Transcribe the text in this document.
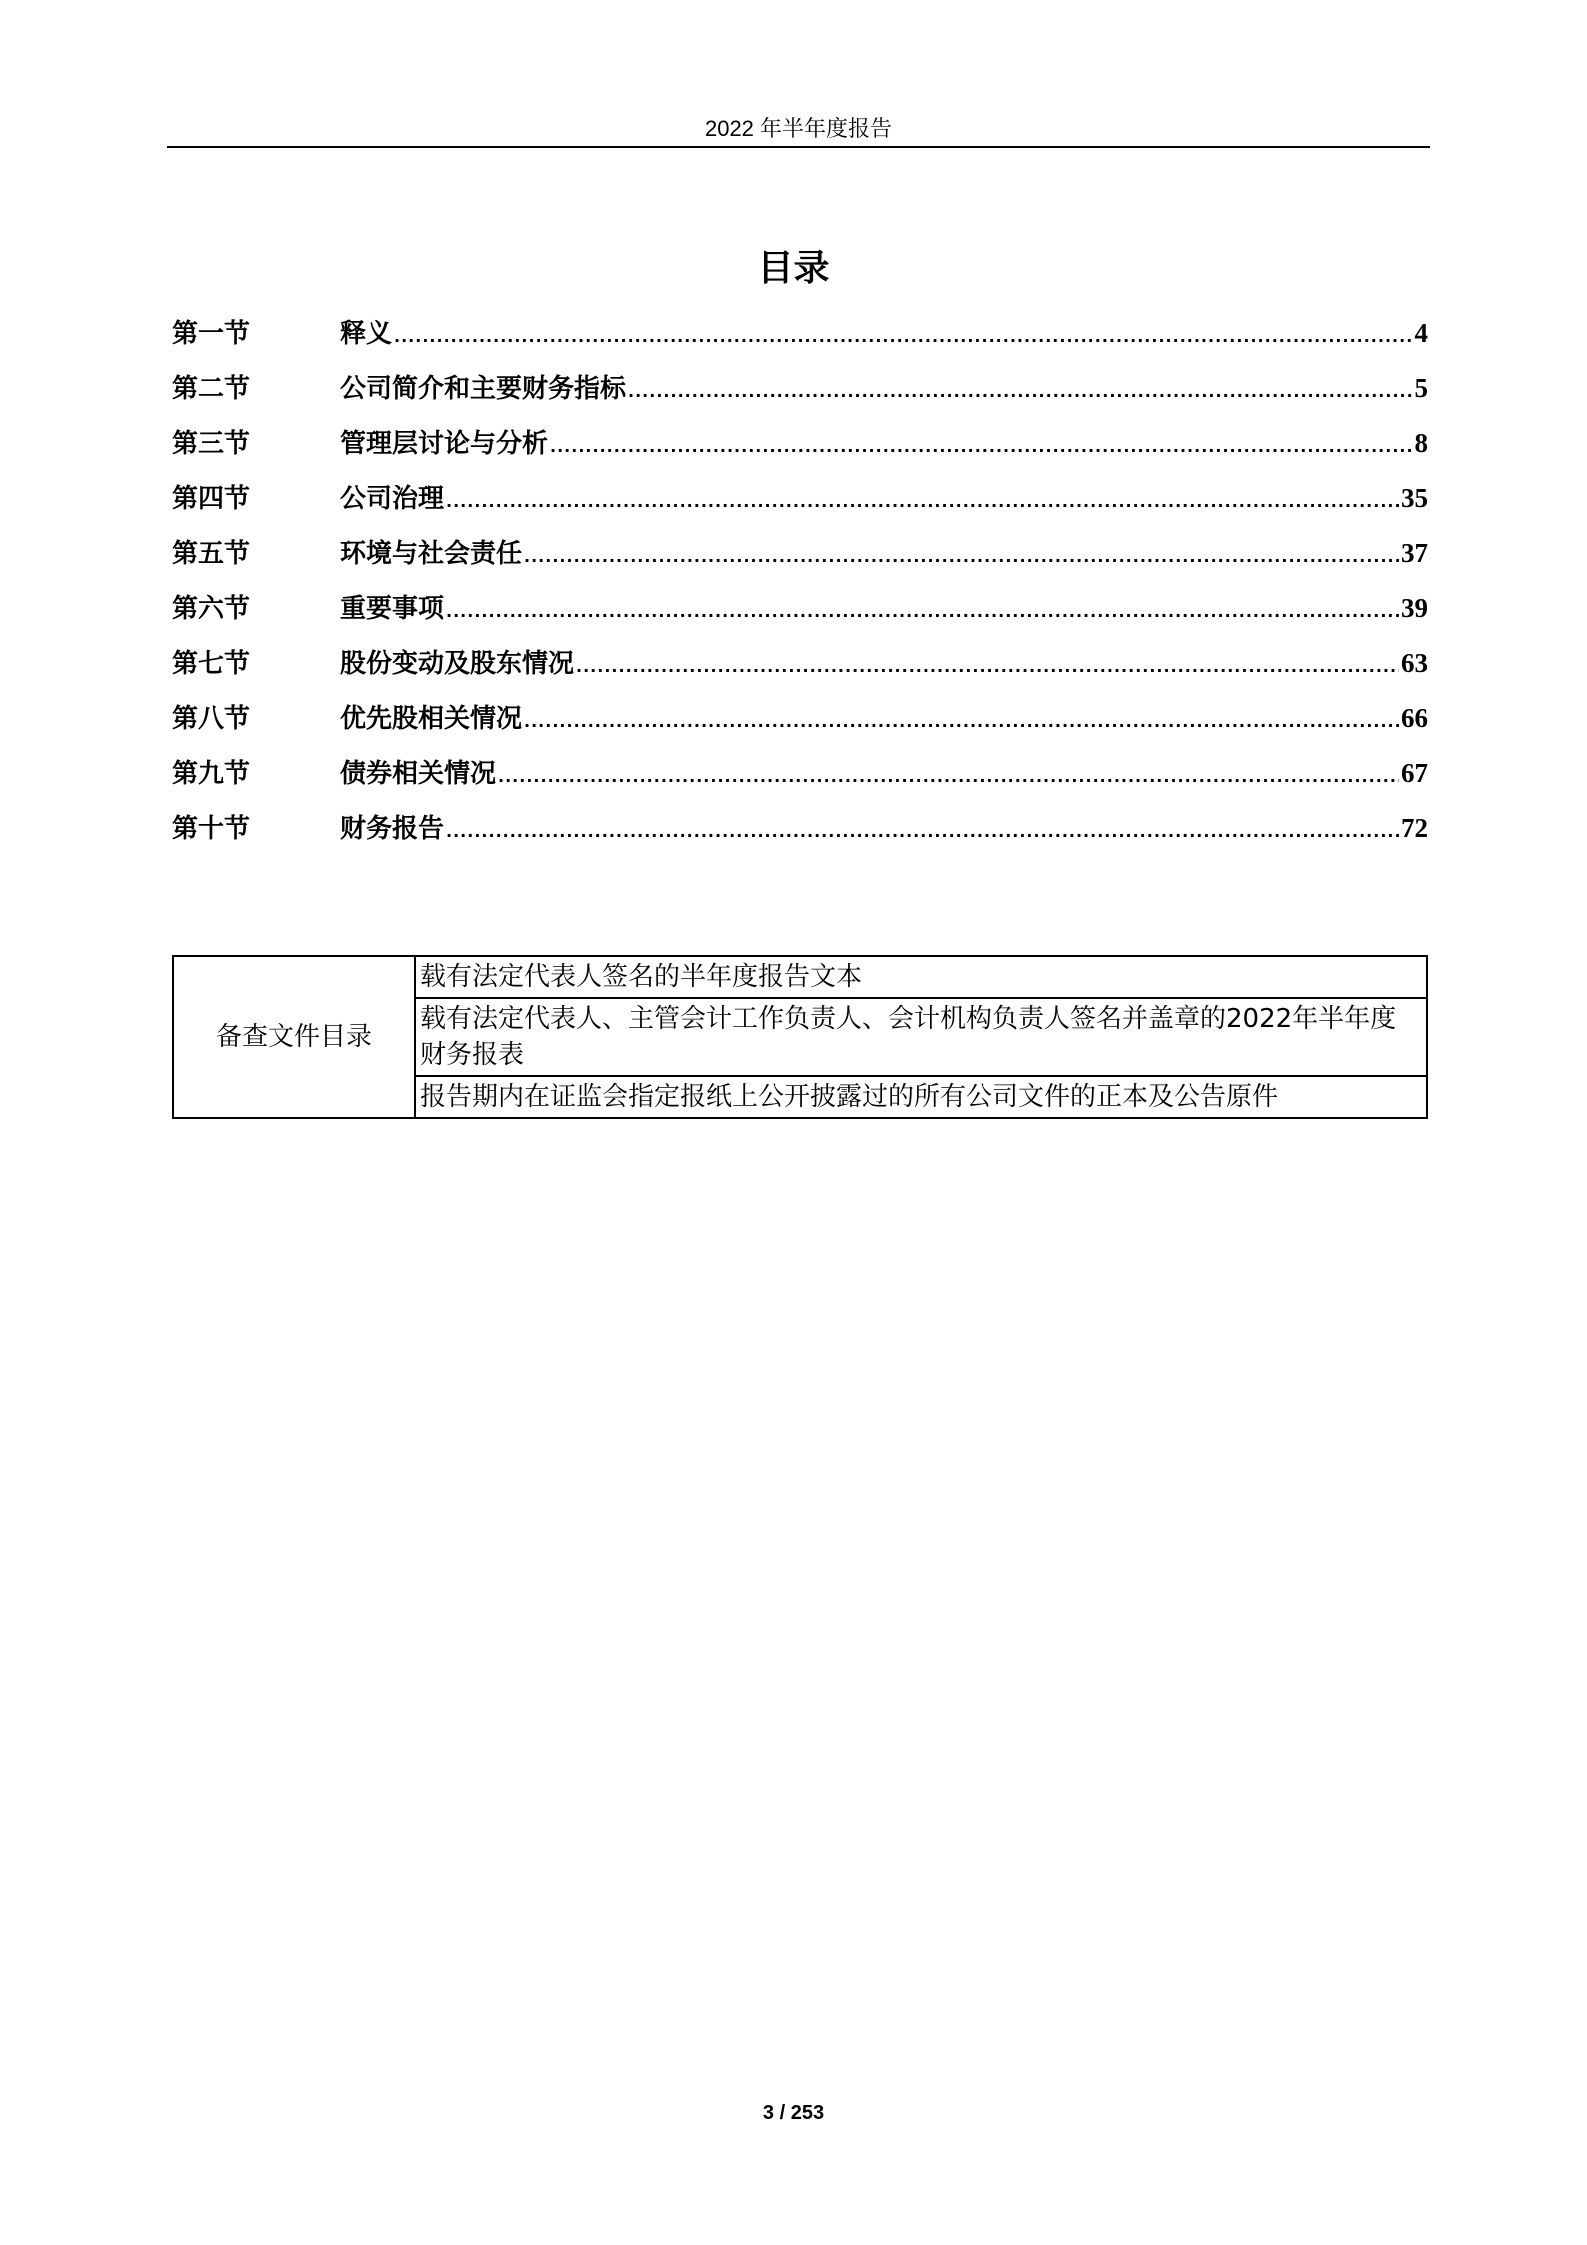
2022 年半年度报告
目录
第一节	释义 .....	4
第二节	公司简介和主要财务指标 .....	5
第三节	管理层讨论与分析 .....	8
第四节	公司治理 .....	35
第五节	环境与社会责任 .....	37
第六节	重要事项 .....	39
第七节	股份变动及股东情况 .....	63
第八节	优先股相关情况 .....	66
第九节	债券相关情况 .....	67
第十节	财务报告 .....	72
备查文件目录	载有法定代表人签名的半年度报告文本
载有法定代表人、主管会计工作负责人、会计机构负责人签名并盖章的2022年半年度财务报表
报告期内在证监会指定报纸上公开披露过的所有公司文件的正本及公告原件
3 / 253
